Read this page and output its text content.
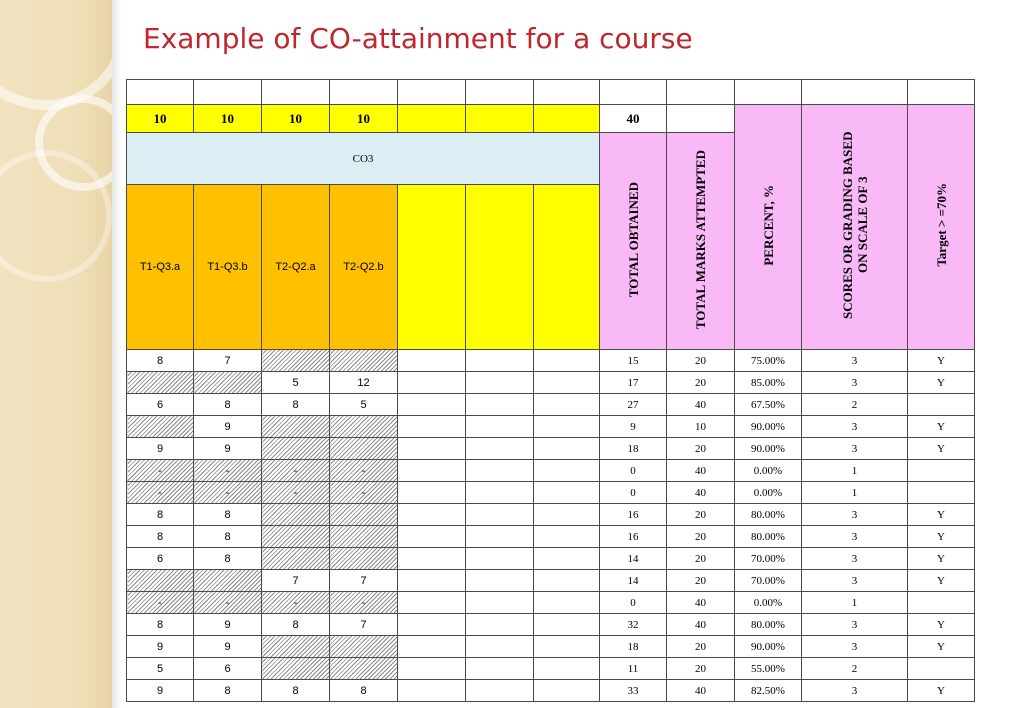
Example of CO-attainment for a course

10	10	10	10				40		PERCENT, %	SCORES OR GRADING BASED ON SCALE OF 3	Target > =70%
CO3							TOTAL OBTAINED	TOTAL MARKS ATTEMPTED			
T1-Q3.a	T1-Q3.b	T2-Q2.a	T2-Q2.b								
8	7						15	20	75.00%	3	Y
		5	12				17	20	85.00%	3	Y
6	8	8	5				27	40	67.50%	2	
	9						9	10	90.00%	3	Y
9	9						18	20	90.00%	3	Y
-	-	-	-				0	40	0.00%	1	
-	-	-	-				0	40	0.00%	1	
8	8						16	20	80.00%	3	Y
8	8						16	20	80.00%	3	Y
6	8						14	20	70.00%	3	Y
		7	7				14	20	70.00%	3	Y
-	-	-	-				0	40	0.00%	1	
8	9	8	7				32	40	80.00%	3	Y
9	9						18	20	90.00%	3	Y
5	6						11	20	55.00%	2	
9	8	8	8				33	40	82.50%	3	Y
